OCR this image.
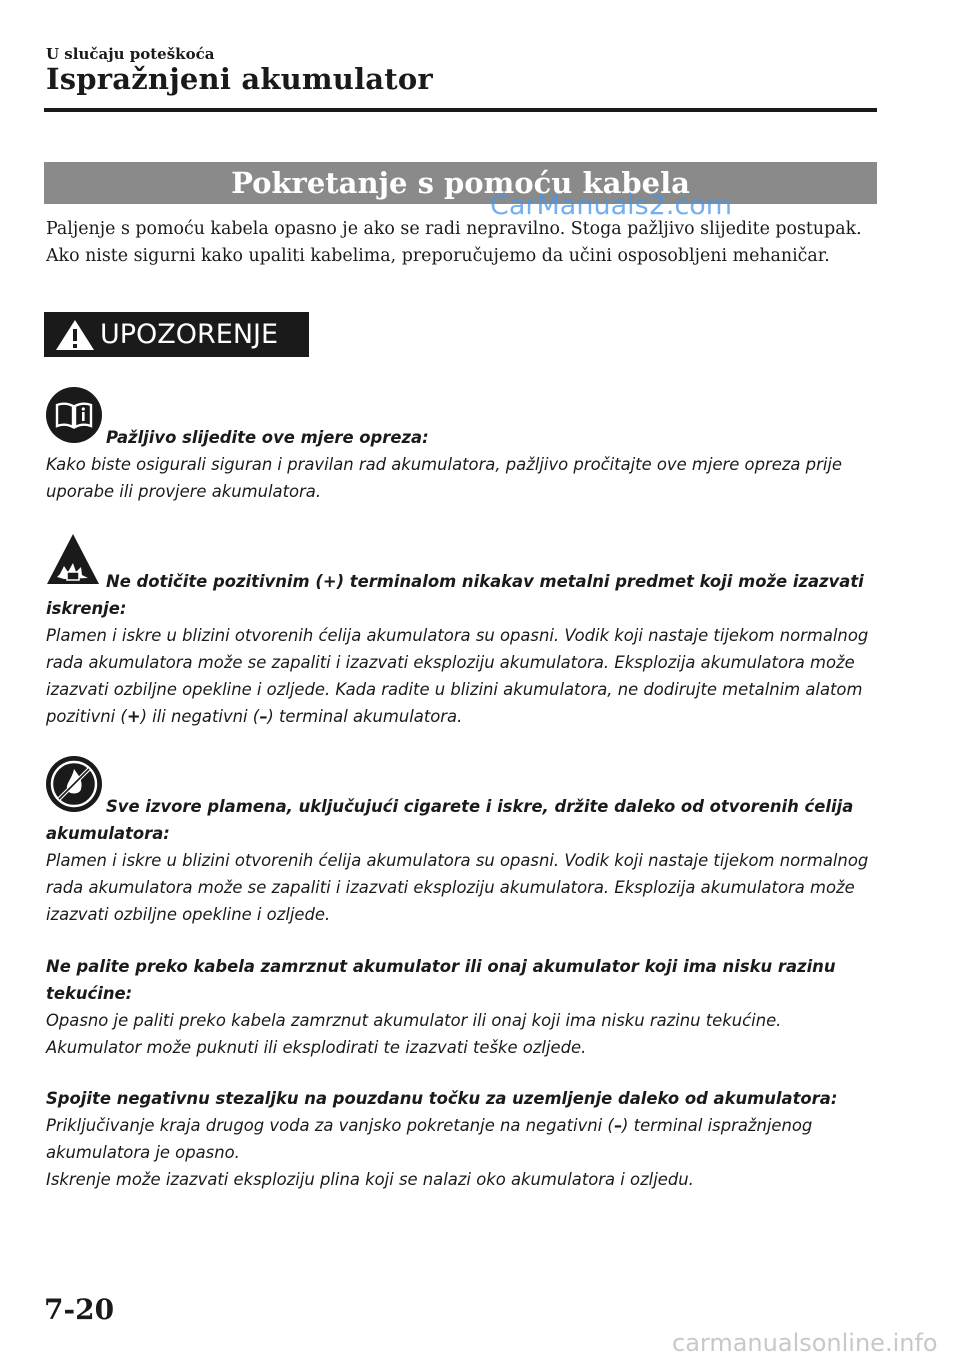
U slučaju poteškoća
Ispražnjeni akumulator
Pokretanje s pomoću kabela
CarManuals2.com
Paljenje s pomoću kabela opasno je ako se radi nepravilno. Stoga pažljivo slijedite postupak. Ako niste sigurni kako upaliti kabelima, preporučujemo da učini osposobljeni mehaničar.
UPOZORENJE
Pažljivo slijedite ove mjere opreza:
Kako biste osigurali siguran i pravilan rad akumulatora, pažljivo pročitajte ove mjere opreza prije uporabe ili provjere akumulatora.
Ne dotičite pozitivnim (+) terminalom nikakav metalni predmet koji može izazvati iskrenje:
Plamen i iskre u blizini otvorenih ćelija akumulatora su opasni. Vodik koji nastaje tijekom normalnog rada akumulatora može se zapaliti i izazvati eksploziju akumulatora. Eksplozija akumulatora može izazvati ozbiljne opekline i ozljede. Kada radite u blizini akumulatora, ne dodirujte metalnim alatom pozitivni (+) ili negativni (–) terminal akumulatora.
Sve izvore plamena, uključujući cigarete i iskre, držite daleko od otvorenih ćelija akumulatora:
Plamen i iskre u blizini otvorenih ćelija akumulatora su opasni. Vodik koji nastaje tijekom normalnog rada akumulatora može se zapaliti i izazvati eksploziju akumulatora. Eksplozija akumulatora može izazvati ozbiljne opekline i ozljede.
Ne palite preko kabela zamrznut akumulator ili onaj akumulator koji ima nisku razinu tekućine:
Opasno je paliti preko kabela zamrznut akumulator ili onaj koji ima nisku razinu tekućine. Akumulator može puknuti ili eksplodirati te izazvati teške ozljede.
Spojite negativnu stezaljku na pouzdanu točku za uzemljenje daleko od akumulatora:
Priključivanje kraja drugog voda za vanjsko pokretanje na negativni (–) terminal ispražnjenog akumulatora je opasno.
Iskrenje može izazvati eksploziju plina koji se nalazi oko akumulatora i ozljedu.
7-20
carmanualsonline.info
